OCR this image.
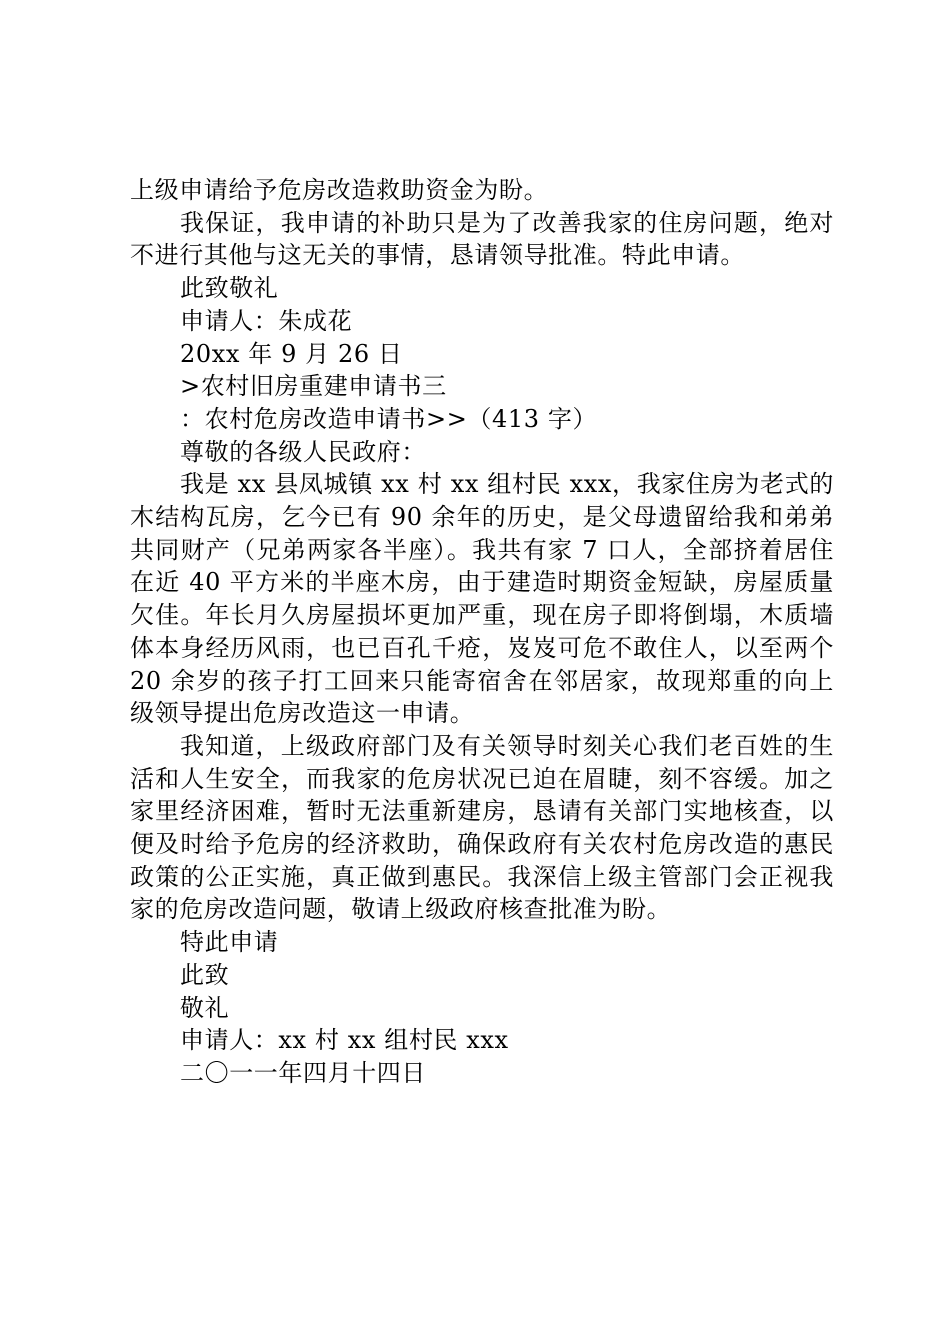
上级申请给予危房改造救助资金为盼。

我保证，我申请的补助只是为了改善我家的住房问题，绝对不进行其他与这无关的事情，恳请领导批准。特此申请。

此致敬礼

申请人：朱成花

20xx 年 9 月 26 日

>农村旧房重建申请书三

：农村危房改造申请书>>（413 字）

尊敬的各级人民政府：

我是 xx 县凤城镇 xx 村 xx 组村民 xxx，我家住房为老式的木结构瓦房，乞今已有 90 余年的历史，是父母遗留给我和弟弟共同财产（兄弟两家各半座）。我共有家 7 口人，全部挤着居住在近 40 平方米的半座木房，由于建造时期资金短缺，房屋质量欠佳。年长月久房屋损坏更加严重，现在房子即将倒塌，木质墙体本身经历风雨，也已百孔千疮，岌岌可危不敢住人，以至两个 20 余岁的孩子打工回来只能寄宿舍在邻居家，故现郑重的向上级领导提出危房改造这一申请。

我知道，上级政府部门及有关领导时刻关心我们老百姓的生活和人生安全，而我家的危房状况已迫在眉睫，刻不容缓。加之家里经济困难，暂时无法重新建房，恳请有关部门实地核查，以便及时给予危房的经济救助，确保政府有关农村危房改造的惠民政策的公正实施，真正做到惠民。我深信上级主管部门会正视我家的危房改造问题，敬请上级政府核查批准为盼。

特此申请

此致

敬礼

申请人：xx 村 xx 组村民 xxx

二〇一一年四月十四日
